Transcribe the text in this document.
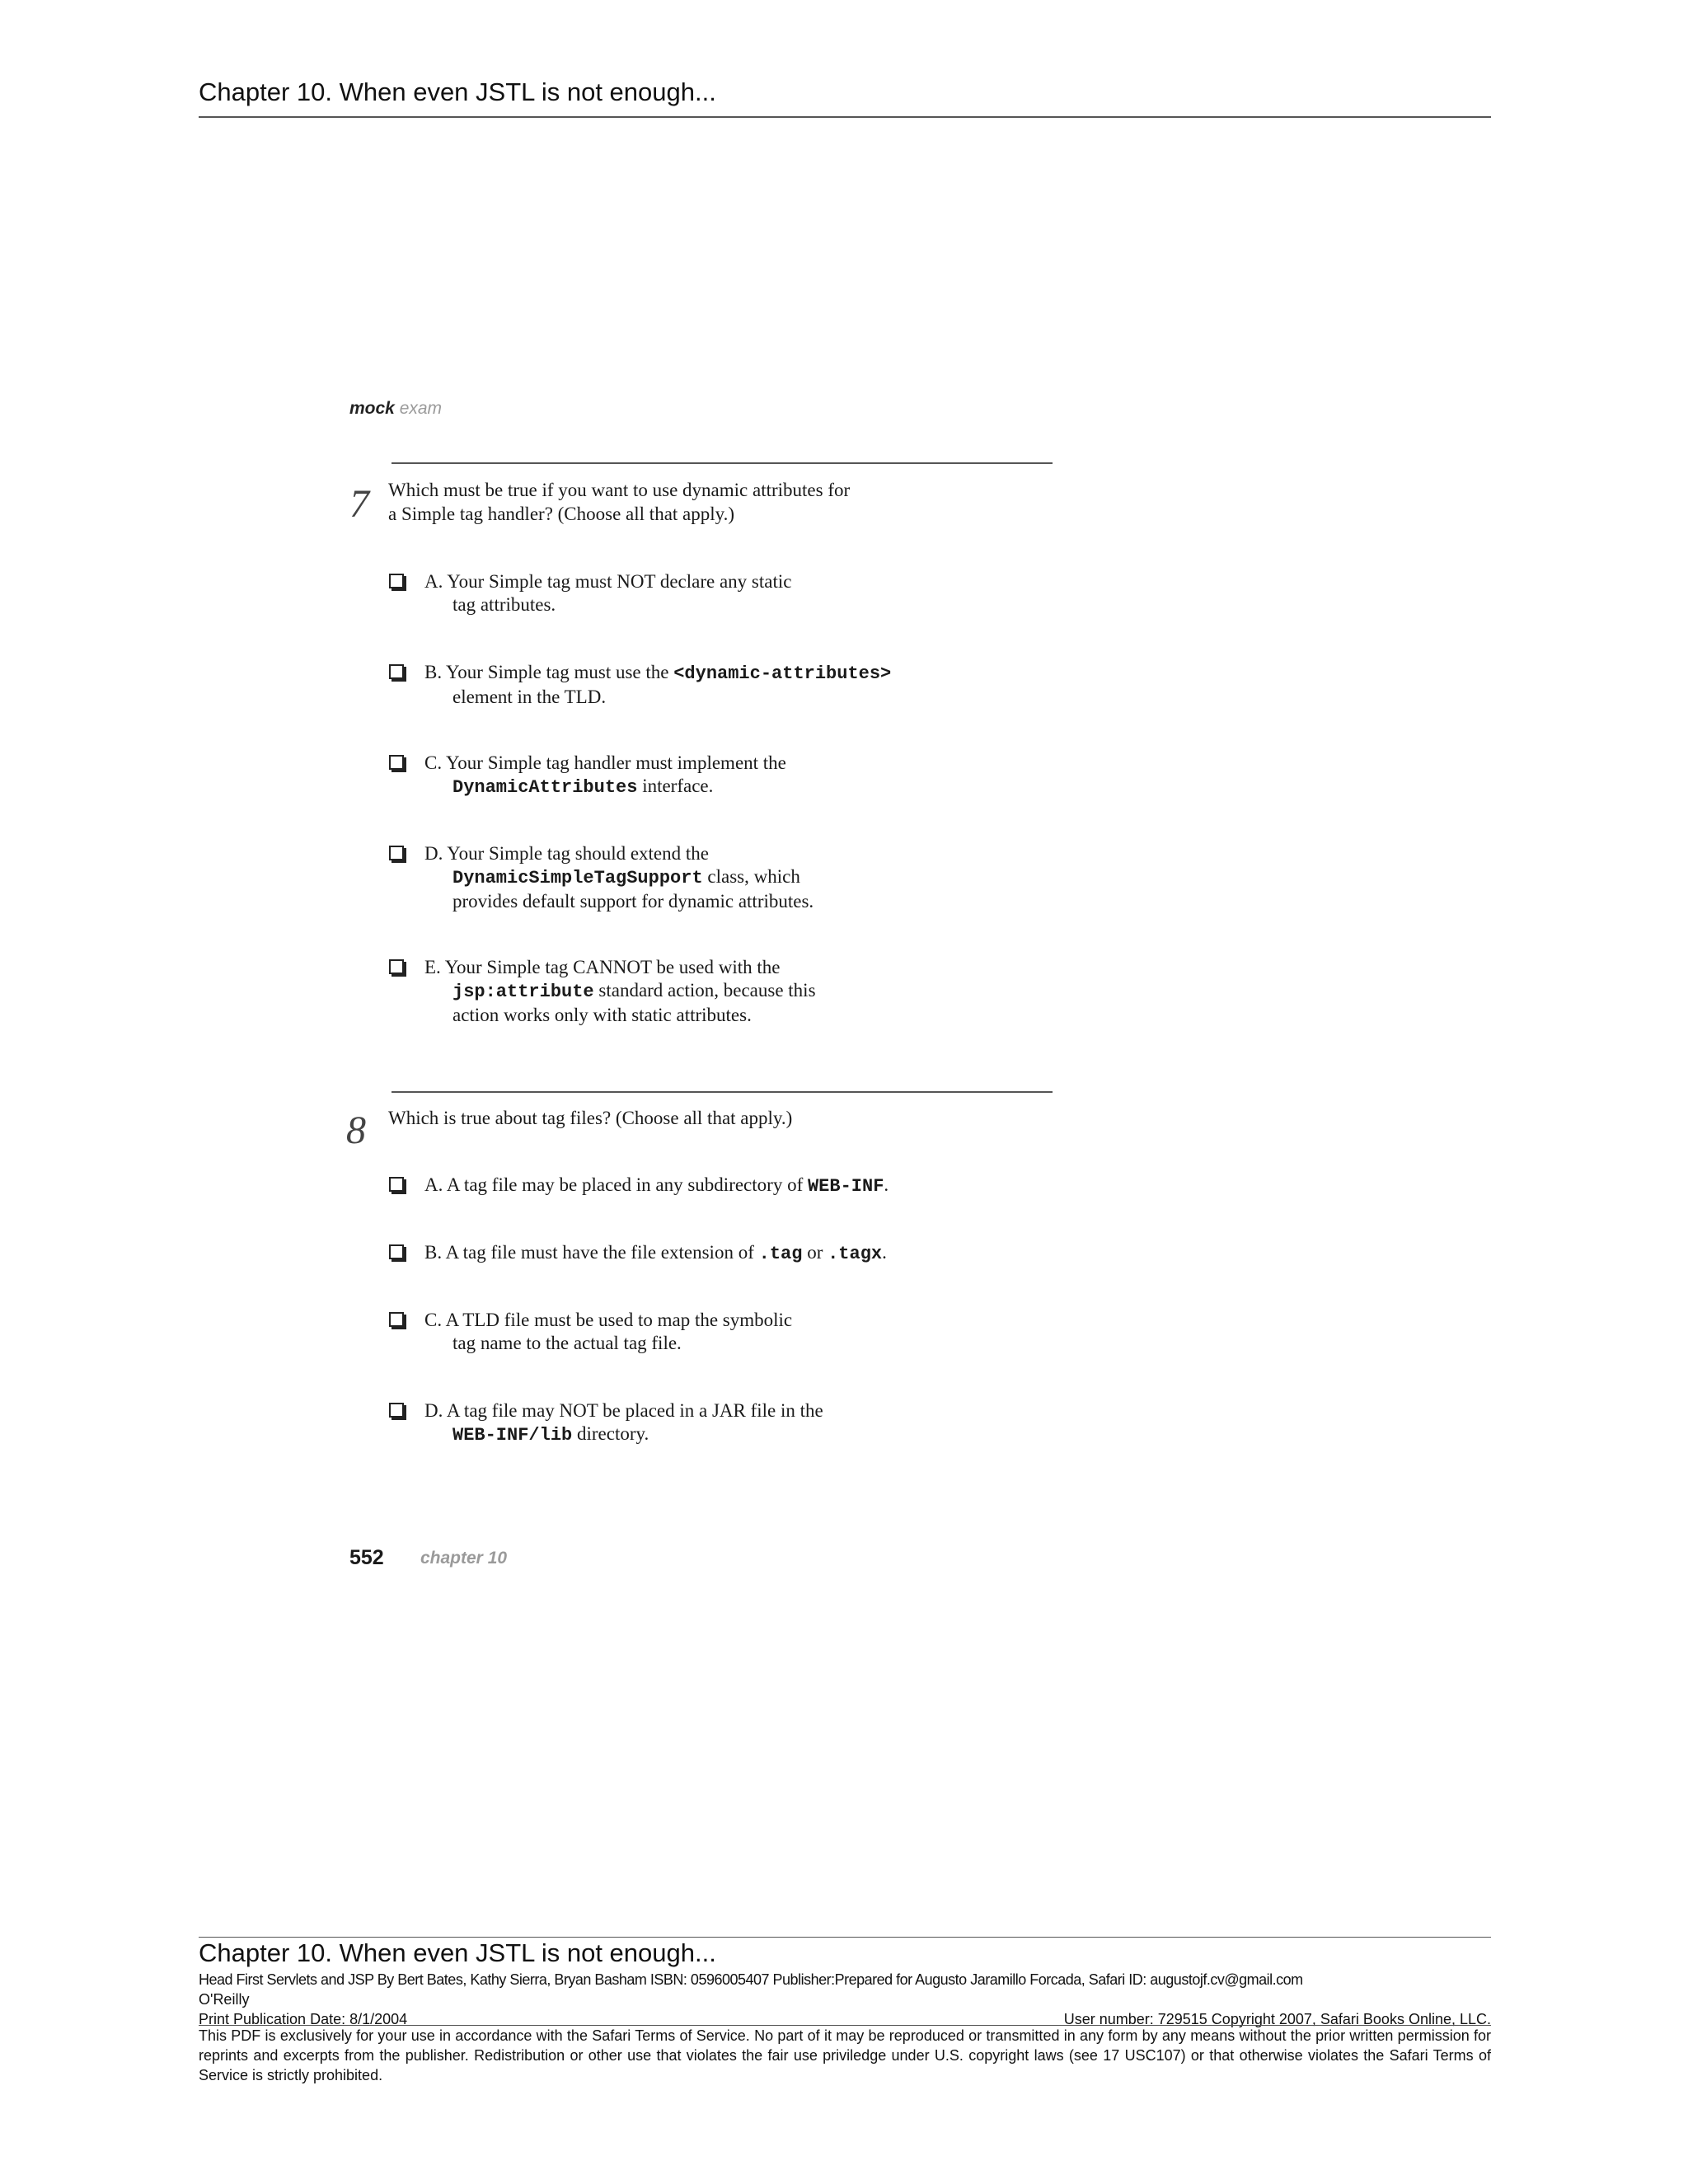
Chapter 10. When even JSTL is not enough...
mock exam
7 Which must be true if you want to use dynamic attributes for
a Simple tag handler? (Choose all that apply.)
A. Your Simple tag must NOT declare any static
tag attributes.
B. Your Simple tag must use the <dynamic-attributes>
element in the TLD.
C. Your Simple tag handler must implement the
DynamicAttributes interface.
D. Your Simple tag should extend the
DynamicSimpleTagSupport class, which
provides default support for dynamic attributes.
E. Your Simple tag CANNOT be used with the
jsp:attribute standard action, because this
action works only with static attributes.
8 Which is true about tag files? (Choose all that apply.)
A. A tag file may be placed in any subdirectory of WEB-INF.
B. A tag file must have the file extension of .tag or .tagx.
C. A TLD file must be used to map the symbolic
tag name to the actual tag file.
D. A tag file may NOT be placed in a JAR file in the
WEB-INF/lib directory.
552 chapter 10
Chapter 10. When even JSTL is not enough...
Head First Servlets and JSP By Bert Bates, Kathy Sierra, Bryan Basham ISBN: 0596005407 Publisher:Prepared for Augusto Jaramillo Forcada, Safari ID: augustojf.cv@gmail.com
O'Reilly
Print Publication Date: 8/1/2004	User number: 729515 Copyright 2007, Safari Books Online, LLC.
This PDF is exclusively for your use in accordance with the Safari Terms of Service. No part of it may be reproduced or transmitted in any form by any means without the prior written permission for reprints and excerpts from the publisher. Redistribution or other use that violates the fair use priviledge under U.S. copyright laws (see 17 USC107) or that otherwise violates the Safari Terms of Service is strictly prohibited.
